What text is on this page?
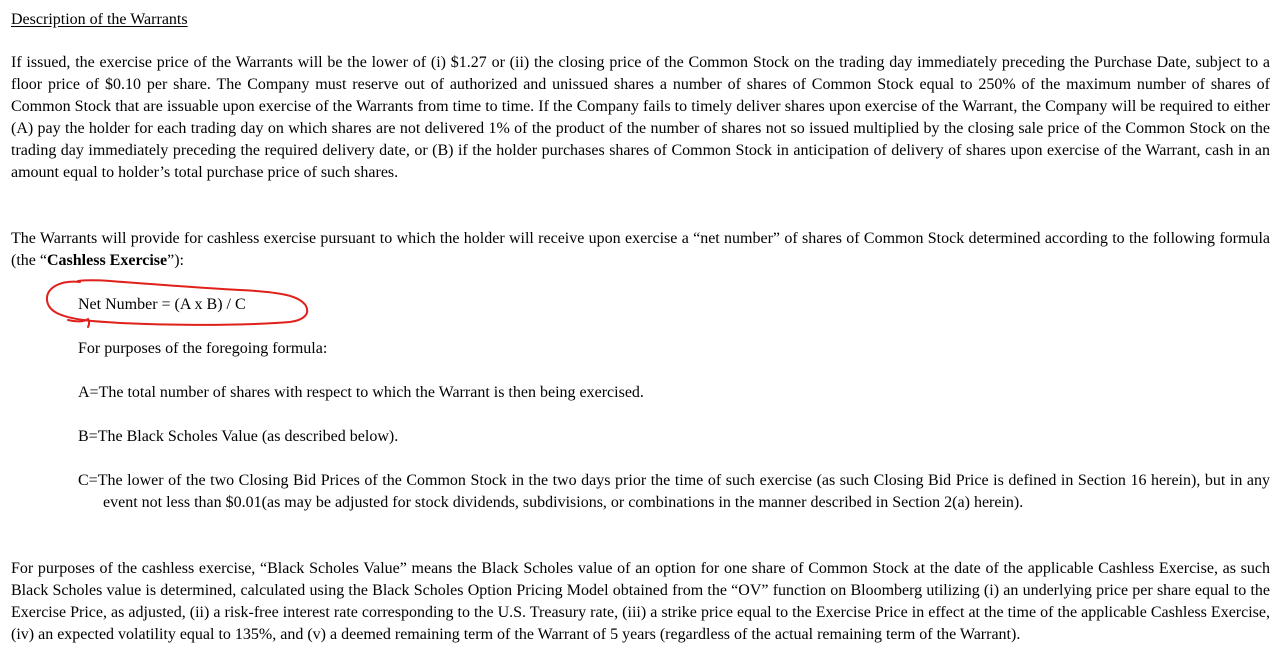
Description of the Warrants
If issued, the exercise price of the Warrants will be the lower of (i) $1.27 or (ii) the closing price of the Common Stock on the trading day immediately preceding the Purchase Date, subject to a floor price of $0.10 per share. The Company must reserve out of authorized and unissued shares a number of shares of Common Stock equal to 250% of the maximum number of shares of Common Stock that are issuable upon exercise of the Warrants from time to time. If the Company fails to timely deliver shares upon exercise of the Warrant, the Company will be required to either (A) pay the holder for each trading day on which shares are not delivered 1% of the product of the number of shares not so issued multiplied by the closing sale price of the Common Stock on the trading day immediately preceding the required delivery date, or (B) if the holder purchases shares of Common Stock in anticipation of delivery of shares upon exercise of the Warrant, cash in an amount equal to holder’s total purchase price of such shares.
The Warrants will provide for cashless exercise pursuant to which the holder will receive upon exercise a “net number” of shares of Common Stock determined according to the following formula (the “Cashless Exercise”):
Net Number = (A x B) / C
For purposes of the foregoing formula:
A=The total number of shares with respect to which the Warrant is then being exercised.
B=The Black Scholes Value (as described below).
C=The lower of the two Closing Bid Prices of the Common Stock in the two days prior the time of such exercise (as such Closing Bid Price is defined in Section 16 herein), but in any event not less than $0.01(as may be adjusted for stock dividends, subdivisions, or combinations in the manner described in Section 2(a) herein).
For purposes of the cashless exercise, “Black Scholes Value” means the Black Scholes value of an option for one share of Common Stock at the date of the applicable Cashless Exercise, as such Black Scholes value is determined, calculated using the Black Scholes Option Pricing Model obtained from the “OV” function on Bloomberg utilizing (i) an underlying price per share equal to the Exercise Price, as adjusted, (ii) a risk-free interest rate corresponding to the U.S. Treasury rate, (iii) a strike price equal to the Exercise Price in effect at the time of the applicable Cashless Exercise, (iv) an expected volatility equal to 135%, and (v) a deemed remaining term of the Warrant of 5 years (regardless of the actual remaining term of the Warrant).
